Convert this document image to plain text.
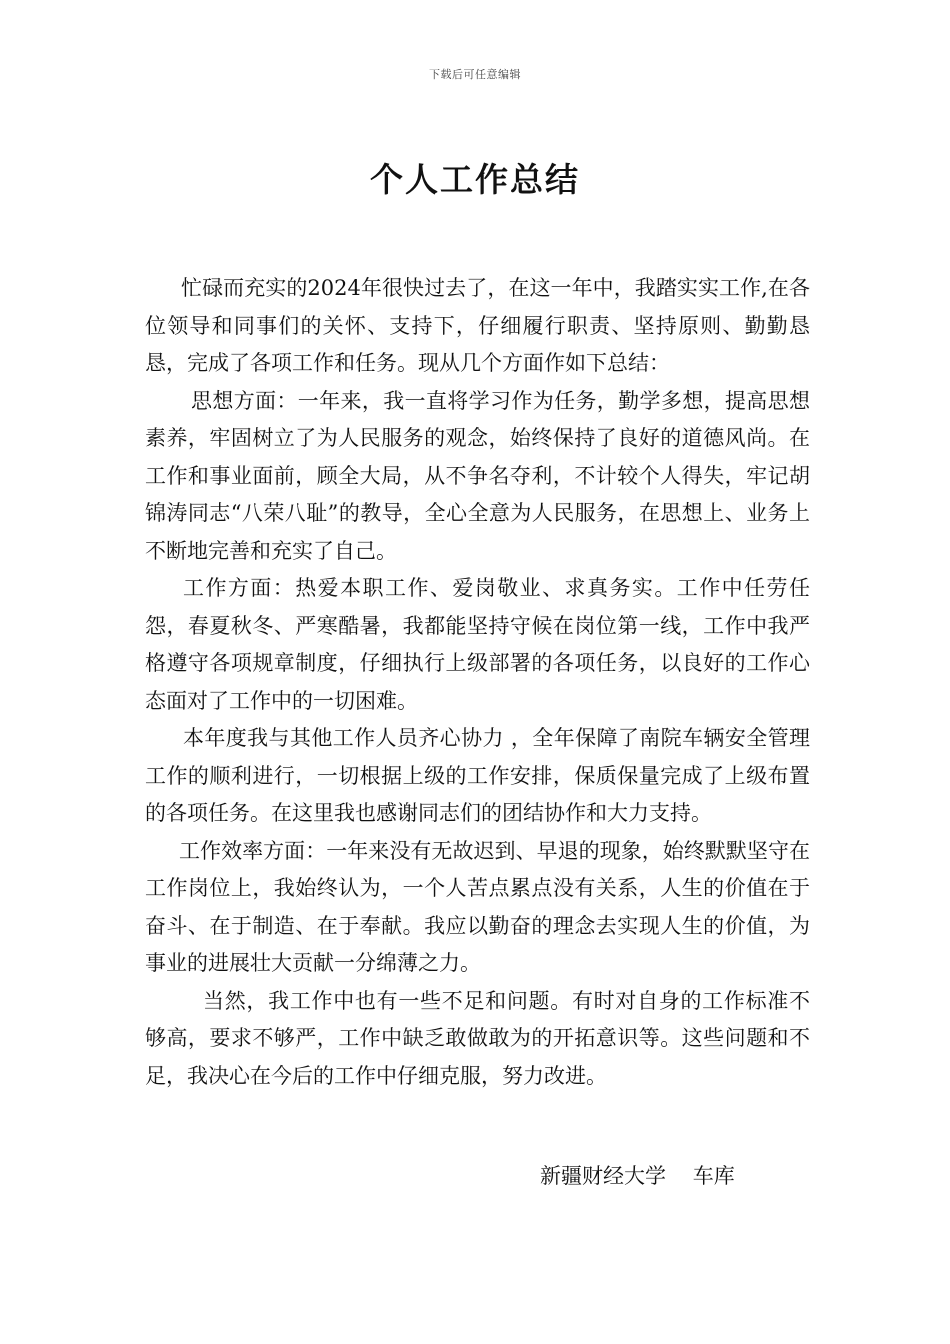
下载后可任意编辑
个人工作总结

忙碌而充实的2024年很快过去了，在这一年中，我踏实实工作,在各位领导和同事们的关怀、支持下，仔细履行职责、坚持原则、勤勤恳恳，完成了各项工作和任务。现从几个方面作如下总结：

思想方面：一年来，我一直将学习作为任务，勤学多想，提高思想素养，牢固树立了为人民服务的观念，始终保持了良好的道德风尚。在工作和事业面前，顾全大局，从不争名夺利，不计较个人得失，牢记胡锦涛同志“八荣八耻”的教导，全心全意为人民服务，在思想上、业务上不断地完善和充实了自己。

工作方面：热爱本职工作、爱岗敬业、求真务实。工作中任劳任怨，春夏秋冬、严寒酷暑，我都能坚持守候在岗位第一线，工作中我严格遵守各项规章制度，仔细执行上级部署的各项任务，以良好的工作心态面对了工作中的一切困难。

本年度我与其他工作人员齐心协力 ，全年保障了南院车辆安全管理工作的顺利进行，一切根据上级的工作安排，保质保量完成了上级布置的各项任务。在这里我也感谢同志们的团结协作和大力支持。

工作效率方面：一年来没有无故迟到、早退的现象，始终默默坚守在工作岗位上，我始终认为，一个人苦点累点没有关系，人生的价值在于奋斗、在于制造、在于奉献。我应以勤奋的理念去实现人生的价值，为事业的进展壮大贡献一分绵薄之力。

当然，我工作中也有一些不足和问题。有时对自身的工作标准不够高，要求不够严，工作中缺乏敢做敢为的开拓意识等。这些问题和不足，我决心在今后的工作中仔细克服，努力改进。

新疆财经大学    车库
